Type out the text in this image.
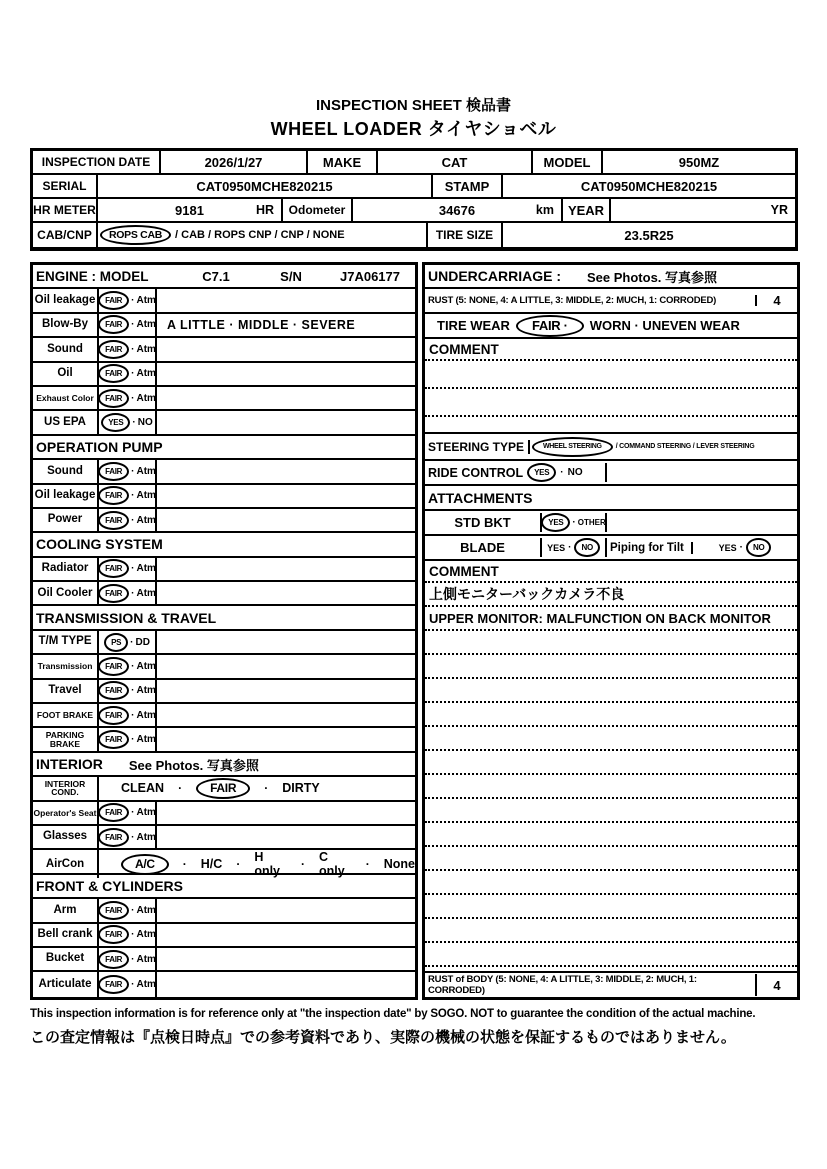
INSPECTION SHEET 検品書
WHEEL LOADER タイヤショベル
INSPECTION DATE	2026/1/27	MAKE	CAT	MODEL	950MZ
SERIAL	CAT0950MCHE820215	STAMP	CAT0950MCHE820215
HR METER	9181	HR	Odometer	34676	km	YEAR	YR
CAB/CNP	ROPS CAB	/ CAB / ROPS CNP / CNP / NONE	TIRE SIZE	23.5R25
ENGINE : MODEL	C7.1	S/N	J7A06177
Oil leakage	FAIR · Atm
Blow-By	FAIR · Atm A LITTLE · MIDDLE · SEVERE
Sound	FAIR · Atm
Oil	FAIR · Atm
Exhaust Color	FAIR · Atm
US EPA	YES · NO
OPERATION PUMP
Sound	FAIR · Atm
Oil leakage	FAIR · Atm
Power	FAIR · Atm
COOLING SYSTEM
Radiator	FAIR · Atm
Oil Cooler	FAIR · Atm
TRANSMISSION & TRAVEL
T/M TYPE	PS · DD
Transmission	FAIR · Atm
Travel	FAIR · Atm
FOOT BRAKE	FAIR · Atm
PARKING BRAKE	FAIR · Atm
INTERIOR See Photos. 写真参照
INTERIOR COND.	CLEAN ·	FAIR	· DIRTY
Operator's Seat	FAIR · Atm
Glasses	FAIR · Atm
AirCon	A/C	· H/C · H only	· C only	· None
FRONT & CYLINDERS
Arm	FAIR · Atm
Bell crank	FAIR · Atm
Bucket	FAIR · Atm
Articulate	FAIR · Atm
UNDERCARRIAGE : See Photos. 写真参照
RUST (5: NONE, 4: A LITTLE, 3: MIDDLE, 2: MUCH, 1: CORRODED)	4
TIRE WEAR	FAIR ·	WORN · UNEVEN WEAR
COMMENT
STEERING TYPE	WHEEL STEERING	/ COMMAND STEERING / LEVER STEERING
RIDE CONTROL	YES	· NO
ATTACHMENTS
STD BKT	YES · OTHER
BLADE	YES ·	NO	Piping for Tilt	YES ·	NO
COMMENT
上側モニターバックカメラ不良
UPPER MONITOR: MALFUNCTION ON BACK MONITOR
RUST of BODY (5: NONE, 4: A LITTLE, 3: MIDDLE, 2: MUCH, 1: CORRODED)	4
This inspection information is for reference only at "the inspection date" by SOGO. NOT to guarantee the condition of the actual machine.
この査定情報は『点検日時点』での参考資料であり、実際の機械の状態を保証するものではありません。
